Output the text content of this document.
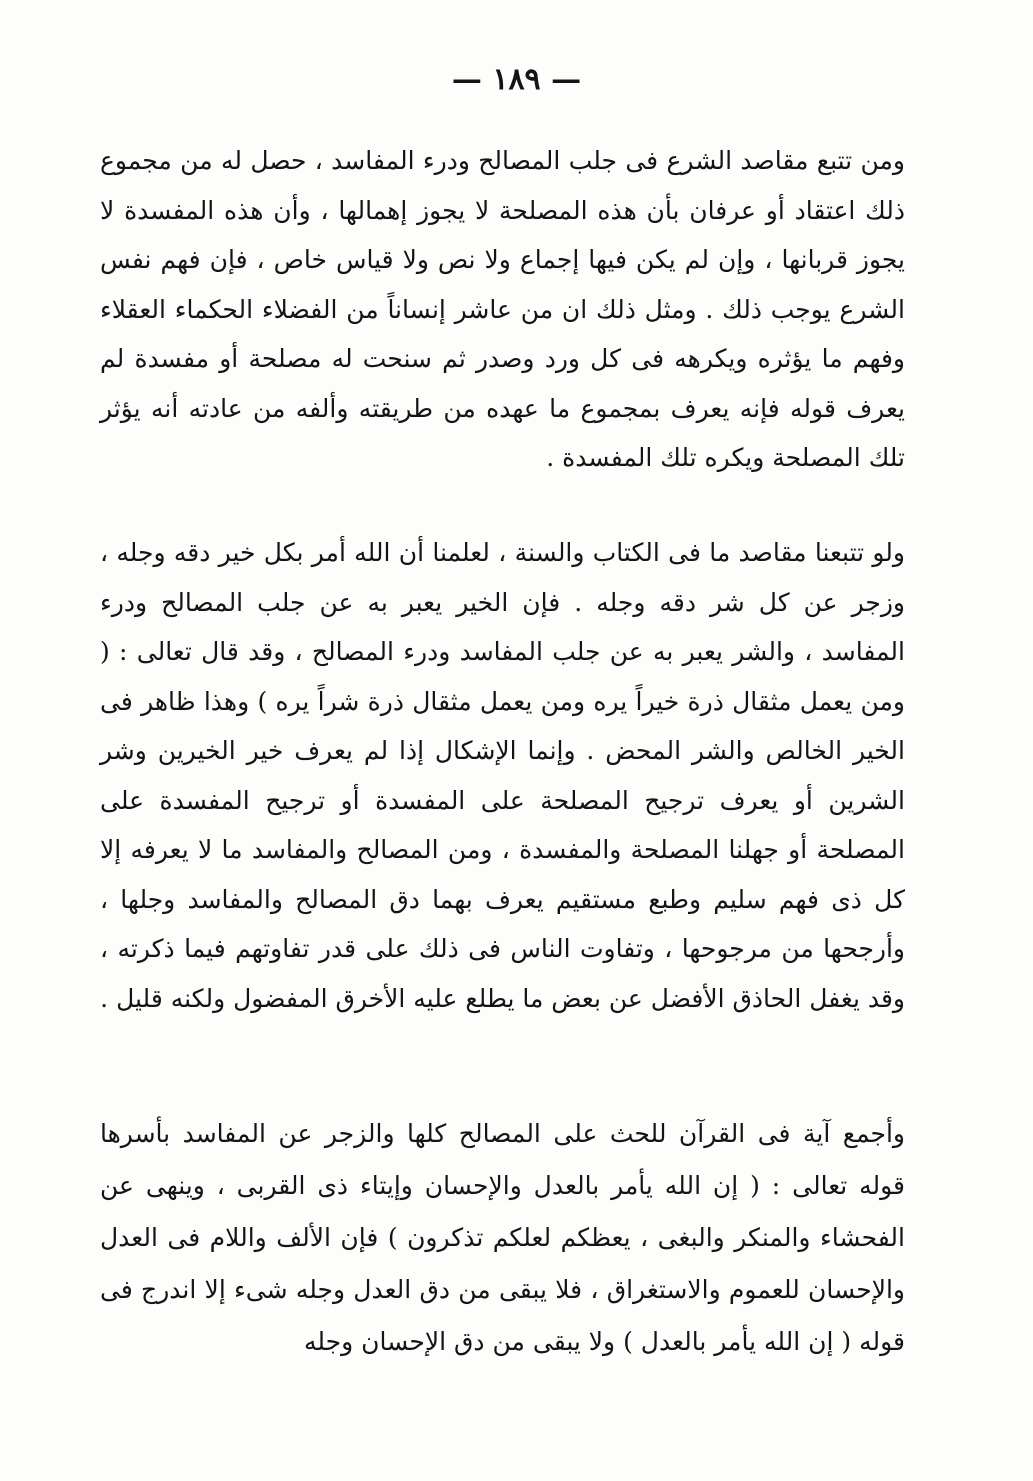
— ١٨٩ —

ومن تتبع مقاصد الشرع فى جلب المصالح ودرء المفاسد ، حصل له من مجموع ذلك اعتقاد أو عرفان بأن هذه المصلحة لا يجوز إهمالها ، وأن هذه المفسدة لا يجوز قربانها ، وإن لم يكن فيها إجماع ولا نص ولا قياس خاص ، فإن فهم نفس الشرع يوجب ذلك . ومثل ذلك ان من عاشر إنساناً من الفضلاء الحكماء العقلاء وفهم ما يؤثره ويكرهه فى كل ورد وصدر ثم سنحت له مصلحة أو مفسدة لم يعرف قوله فإنه يعرف بمجموع ما عهده من طريقته وألفه من عادته أنه يؤثر تلك المصلحة ويكره تلك المفسدة .

ولو تتبعنا مقاصد ما فى الكتاب والسنة ، لعلمنا أن الله أمر بكل خير دقه وجله ، وزجر عن كل شر دقه وجله . فإن الخير يعبر به عن جلب المصالح ودرء المفاسد ، والشر يعبر به عن جلب المفاسد ودرء المصالح ، وقد قال تعالى : ( ومن يعمل مثقال ذرة خيراً يره ومن يعمل مثقال ذرة شراً يره ) وهذا ظاهر فى الخير الخالص والشر المحض . وإنما الإشكال إذا لم يعرف خير الخيرين وشر الشرين أو يعرف ترجيح المصلحة على المفسدة أو ترجيح المفسدة على المصلحة أو جهلنا المصلحة والمفسدة ، ومن المصالح والمفاسد ما لا يعرفه إلا كل ذى فهم سليم وطبع مستقيم يعرف بهما دق المصالح والمفاسد وجلها ، وأرجحها من مرجوحها ، وتفاوت الناس فى ذلك على قدر تفاوتهم فيما ذكرته ، وقد يغفل الحاذق الأفضل عن بعض ما يطلع عليه الأخرق المفضول ولكنه قليل .

وأجمع آية فى القرآن للحث على المصالح كلها والزجر عن المفاسد بأسرها قوله تعالى : ( إن الله يأمر بالعدل والإحسان وإيتاء ذى القربى ، وينهى عن الفحشاء والمنكر والبغى ، يعظكم لعلكم تذكرون ) فإن الألف واللام فى العدل والإحسان للعموم والاستغراق ، فلا يبقى من دق العدل وجله شىء إلا اندرج فى قوله ( إن الله يأمر بالعدل ) ولا يبقى من دق الإحسان وجله
